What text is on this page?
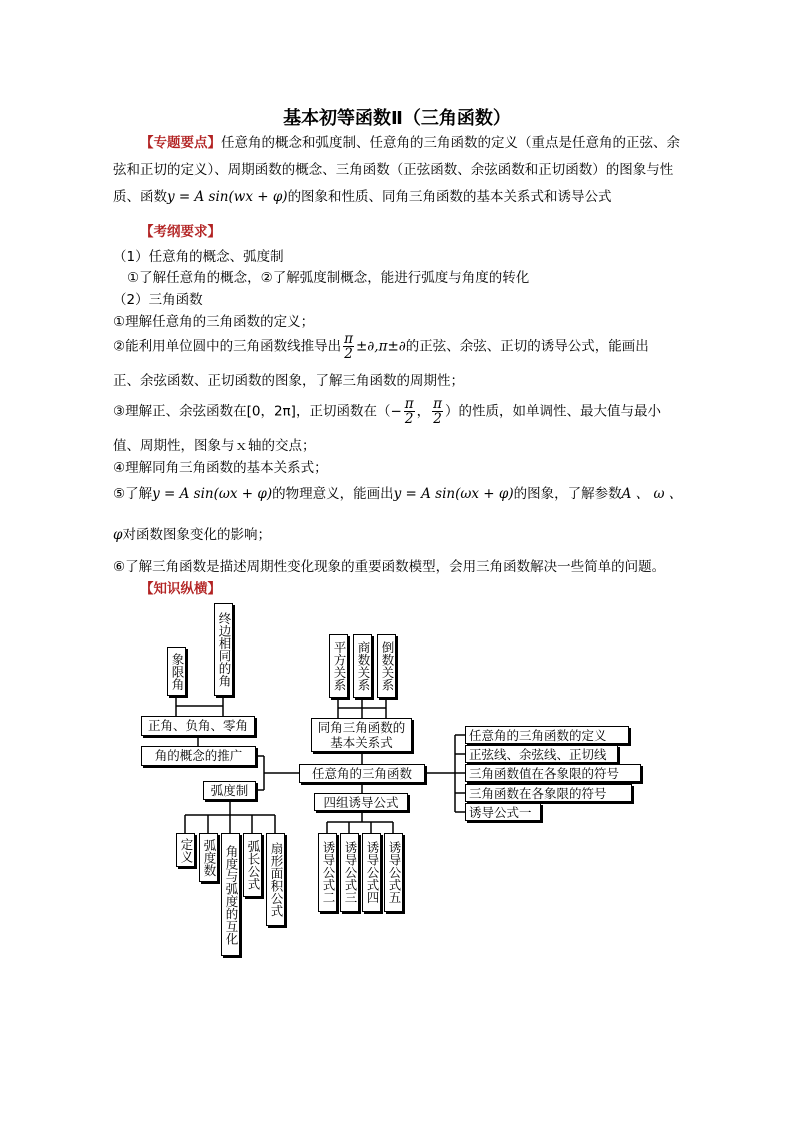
基本初等函数Ⅱ（三角函数）
【专题要点】任意角的概念和弧度制、任意角的三角函数的定义（重点是任意角的正弦、余弦和正切的定义）、周期函数的概念、三角函数（正弦函数、余弦函数和正切函数）的图象与性质、函数y = A sin(wx + φ)的图象和性质、同角三角函数的基本关系式和诱导公式
【考纲要求】
（1）任意角的概念、弧度制
①了解任意角的概念，②了解弧度制概念，能进行弧度与角度的转化
（2）三角函数
①理解任意角的三角函数的定义；
②能利用单位圆中的三角函数线推导出 $\frac{\pi}{2} \pm\partial,\pi\pm\partial$的正弦、余弦、正切的诱导公式，能画出
正、余弦函数、正切函数的图象，了解三角函数的周期性；
③理解正、余弦函数在[0，2π]，正切函数在（− $\frac{\pi}{2}$ ， $\frac{\pi}{2}$ ）的性质，如单调性、最大值与最小
值、周期性，图象与ｘ轴的交点；
④理解同角三角函数的基本关系式；
⑤了解y = A sin(ωx + φ)的物理意义，能画出y = A sin(ωx + φ)的图象，了解参数A 、 ω 、
φ对函数图象变化的影响；
⑥了解三角函数是描述周期性变化现象的重要函数模型，会用三角函数解决一些简单的问题。
【知识纵横】
象限角	终边相同的角
正角、负角、零角
角的概念的推广
弧度制
定义 弧度数 角度与弧度的互化 弧长公式 扇形面积公式
平方关系 商数关系 倒数关系
同角三角函数的基本关系式
任意角的三角函数
四组诱导公式
诱导公式二 诱导公式三 诱导公式四 诱导公式五
任意角的三角函数的定义
正弦线、余弦线、正切线
三角函数值在各象限的符号
三角函数在各象限的符号
诱导公式一
